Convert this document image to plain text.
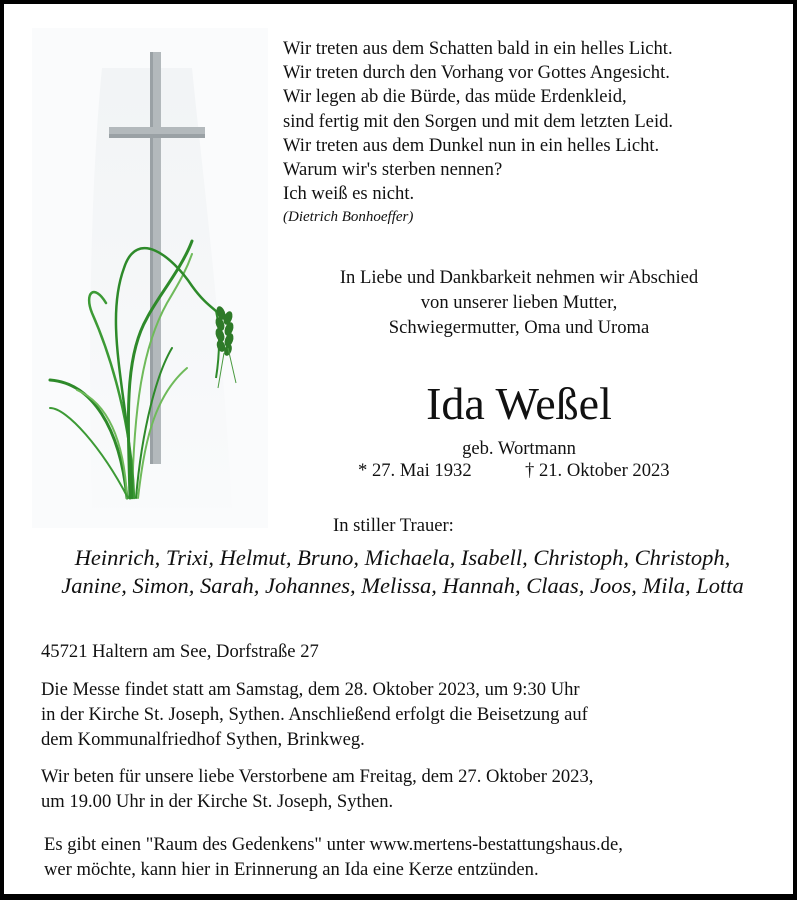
Wir treten aus dem Schatten bald in ein helles Licht.
Wir treten durch den Vorhang vor Gottes Angesicht.
Wir legen ab die Bürde, das müde Erdenkleid,
sind fertig mit den Sorgen und mit dem letzten Leid.
Wir treten aus dem Dunkel nun in ein helles Licht.
Warum wir's sterben nennen?
Ich weiß es nicht.
(Dietrich Bonhoeffer)
In Liebe und Dankbarkeit nehmen wir Abschied
von unserer lieben Mutter,
Schwiegermutter, Oma und Uroma
Ida Weßel
geb. Wortmann
* 27. Mai 1932	† 21. Oktober 2023
In stiller Trauer:
Heinrich, Trixi, Helmut, Bruno, Michaela, Isabell, Christoph, Christoph,
Janine, Simon, Sarah, Johannes, Melissa, Hannah, Claas, Joos, Mila, Lotta
45721 Haltern am See, Dorfstraße 27
Die Messe findet statt am Samstag, dem 28. Oktober 2023, um 9:30 Uhr
in der Kirche St. Joseph, Sythen. Anschließend erfolgt die Beisetzung auf
dem Kommunalfriedhof Sythen, Brinkweg.
Wir beten für unsere liebe Verstorbene am Freitag, dem 27. Oktober 2023,
um 19.00 Uhr in der Kirche St. Joseph, Sythen.
Es gibt einen "Raum des Gedenkens" unter www.mertens-bestattungshaus.de,
wer möchte, kann hier in Erinnerung an Ida eine Kerze entzünden.
